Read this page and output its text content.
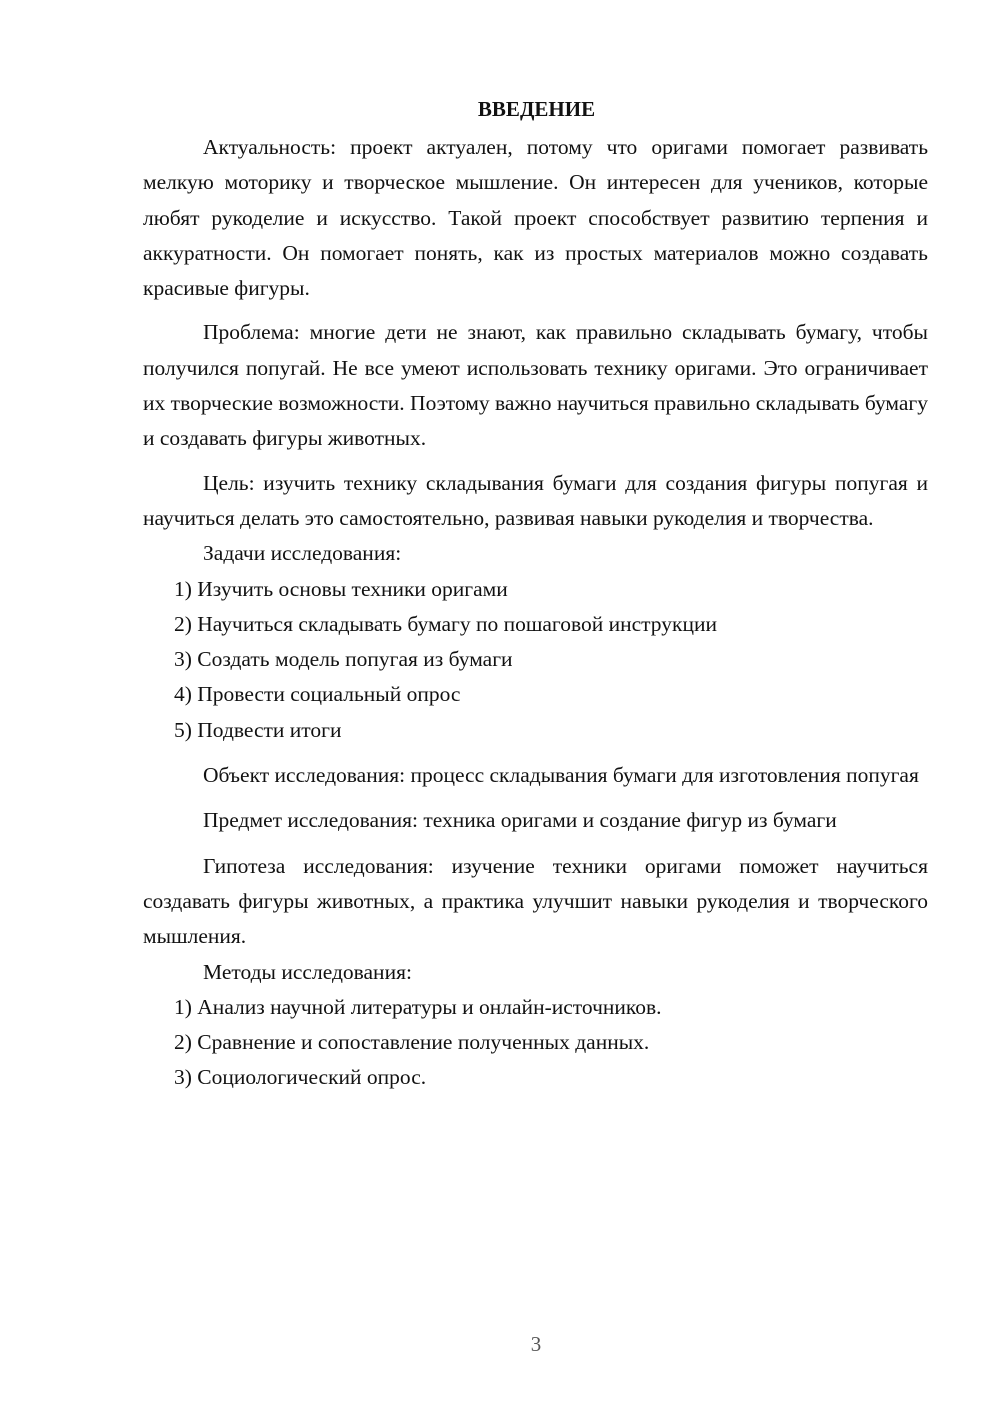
ВВЕДЕНИЕ

Актуальность: проект актуален, потому что оригами помогает развивать мелкую моторику и творческое мышление. Он интересен для учеников, которые любят рукоделие и искусство. Такой проект способствует развитию терпения и аккуратности. Он помогает понять, как из простых материалов можно создавать красивые фигуры.

Проблема: многие дети не знают, как правильно складывать бумагу, чтобы получился попугай. Не все умеют использовать технику оригами. Это ограничивает их творческие возможности. Поэтому важно научиться правильно складывать бумагу и создавать фигуры животных.

Цель: изучить технику складывания бумаги для создания фигуры попугая и научиться делать это самостоятельно, развивая навыки рукоделия и творчества.

Задачи исследования:

1) Изучить основы техники оригами

2) Научиться складывать бумагу по пошаговой инструкции

3) Создать модель попугая из бумаги

4) Провести социальный опрос

5) Подвести итоги

Объект исследования: процесс складывания бумаги для изготовления попугая

Предмет исследования: техника оригами и создание фигур из бумаги

Гипотеза исследования: изучение техники оригами поможет научиться создавать фигуры животных, а практика улучшит навыки рукоделия и творческого мышления.

Методы исследования:

1) Анализ научной литературы и онлайн-источников.

2) Сравнение и сопоставление полученных данных.

3) Социологический опрос.

3
